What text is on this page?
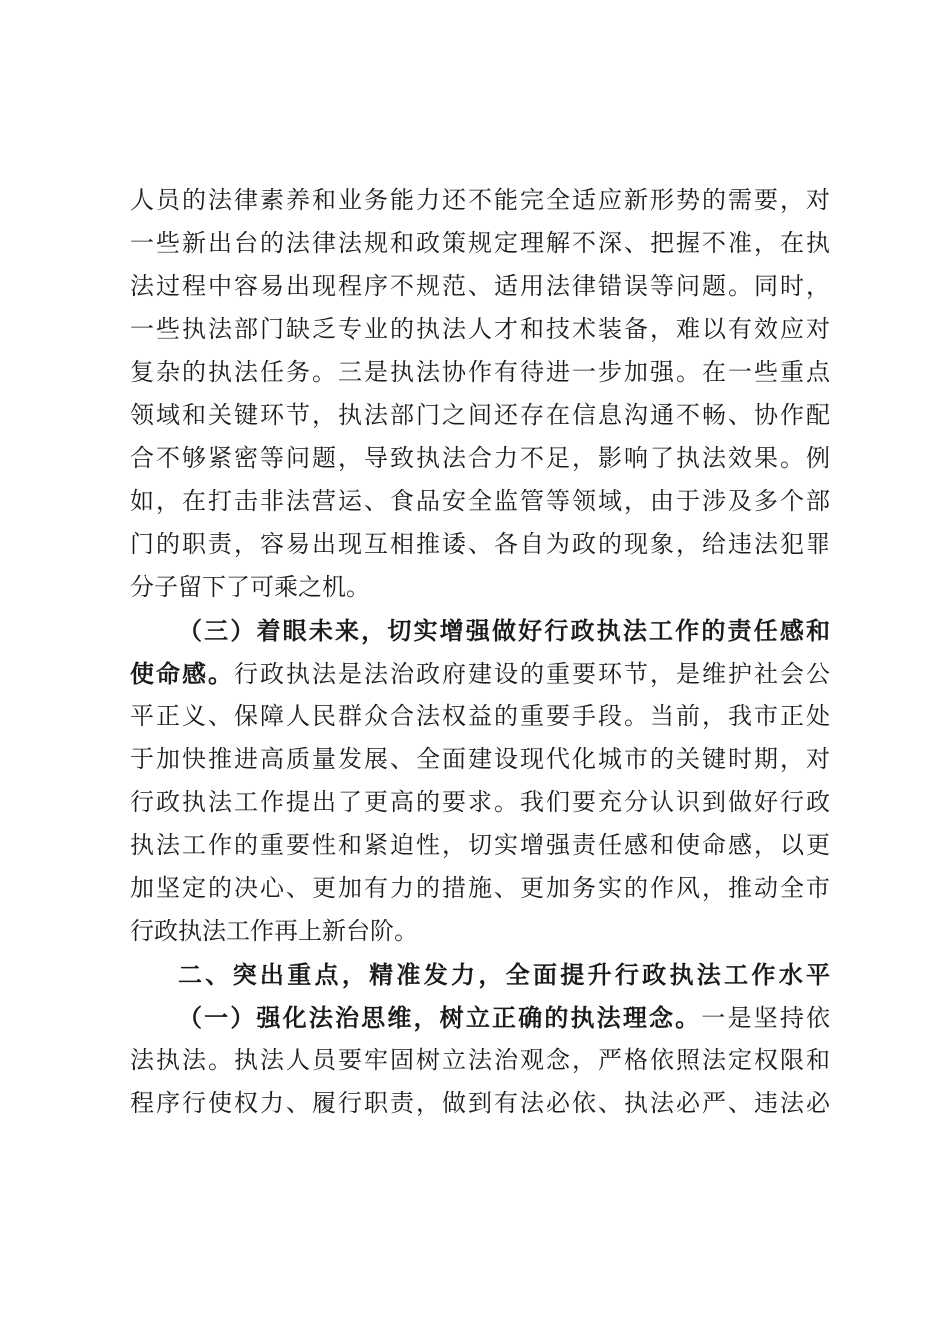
人员的法律素养和业务能力还不能完全适应新形势的需要，对
一些新出台的法律法规和政策规定理解不深、把握不准，在执
法过程中容易出现程序不规范、适用法律错误等问题。同时，
一些执法部门缺乏专业的执法人才和技术装备，难以有效应对
复杂的执法任务。三是执法协作有待进一步加强。在一些重点
领域和关键环节，执法部门之间还存在信息沟通不畅、协作配
合不够紧密等问题，导致执法合力不足，影响了执法效果。例
如，在打击非法营运、食品安全监管等领域，由于涉及多个部
门的职责，容易出现互相推诿、各自为政的现象，给违法犯罪
分子留下了可乘之机。
（三）着眼未来，切实增强做好行政执法工作的责任感和
使命感。行政执法是法治政府建设的重要环节，是维护社会公
平正义、保障人民群众合法权益的重要手段。当前，我市正处
于加快推进高质量发展、全面建设现代化城市的关键时期，对
行政执法工作提出了更高的要求。我们要充分认识到做好行政
执法工作的重要性和紧迫性，切实增强责任感和使命感，以更
加坚定的决心、更加有力的措施、更加务实的作风，推动全市
行政执法工作再上新台阶。
二、突出重点，精准发力，全面提升行政执法工作水平
（一）强化法治思维，树立正确的执法理念。一是坚持依
法执法。执法人员要牢固树立法治观念，严格依照法定权限和
程序行使权力、履行职责，做到有法必依、执法必严、违法必
